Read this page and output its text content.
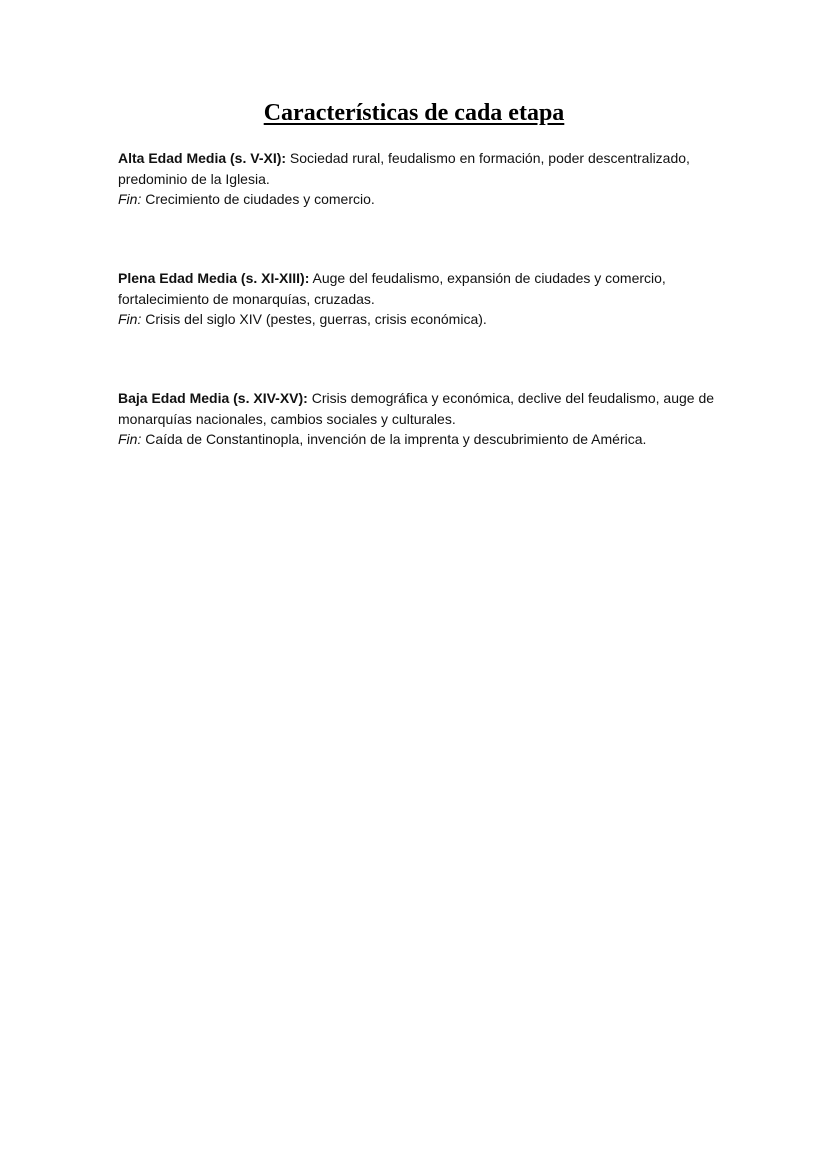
Características de cada etapa

Alta Edad Media (s. V-XI): Sociedad rural, feudalismo en formación, poder descentralizado, predominio de la Iglesia.

Fin: Crecimiento de ciudades y comercio.

Plena Edad Media (s. XI-XIII): Auge del feudalismo, expansión de ciudades y comercio, fortalecimiento de monarquías, cruzadas.

Fin: Crisis del siglo XIV (pestes, guerras, crisis económica).

Baja Edad Media (s. XIV-XV): Crisis demográfica y económica, declive del feudalismo, auge de monarquías nacionales, cambios sociales y culturales.

Fin: Caída de Constantinopla, invención de la imprenta y descubrimiento de América.
